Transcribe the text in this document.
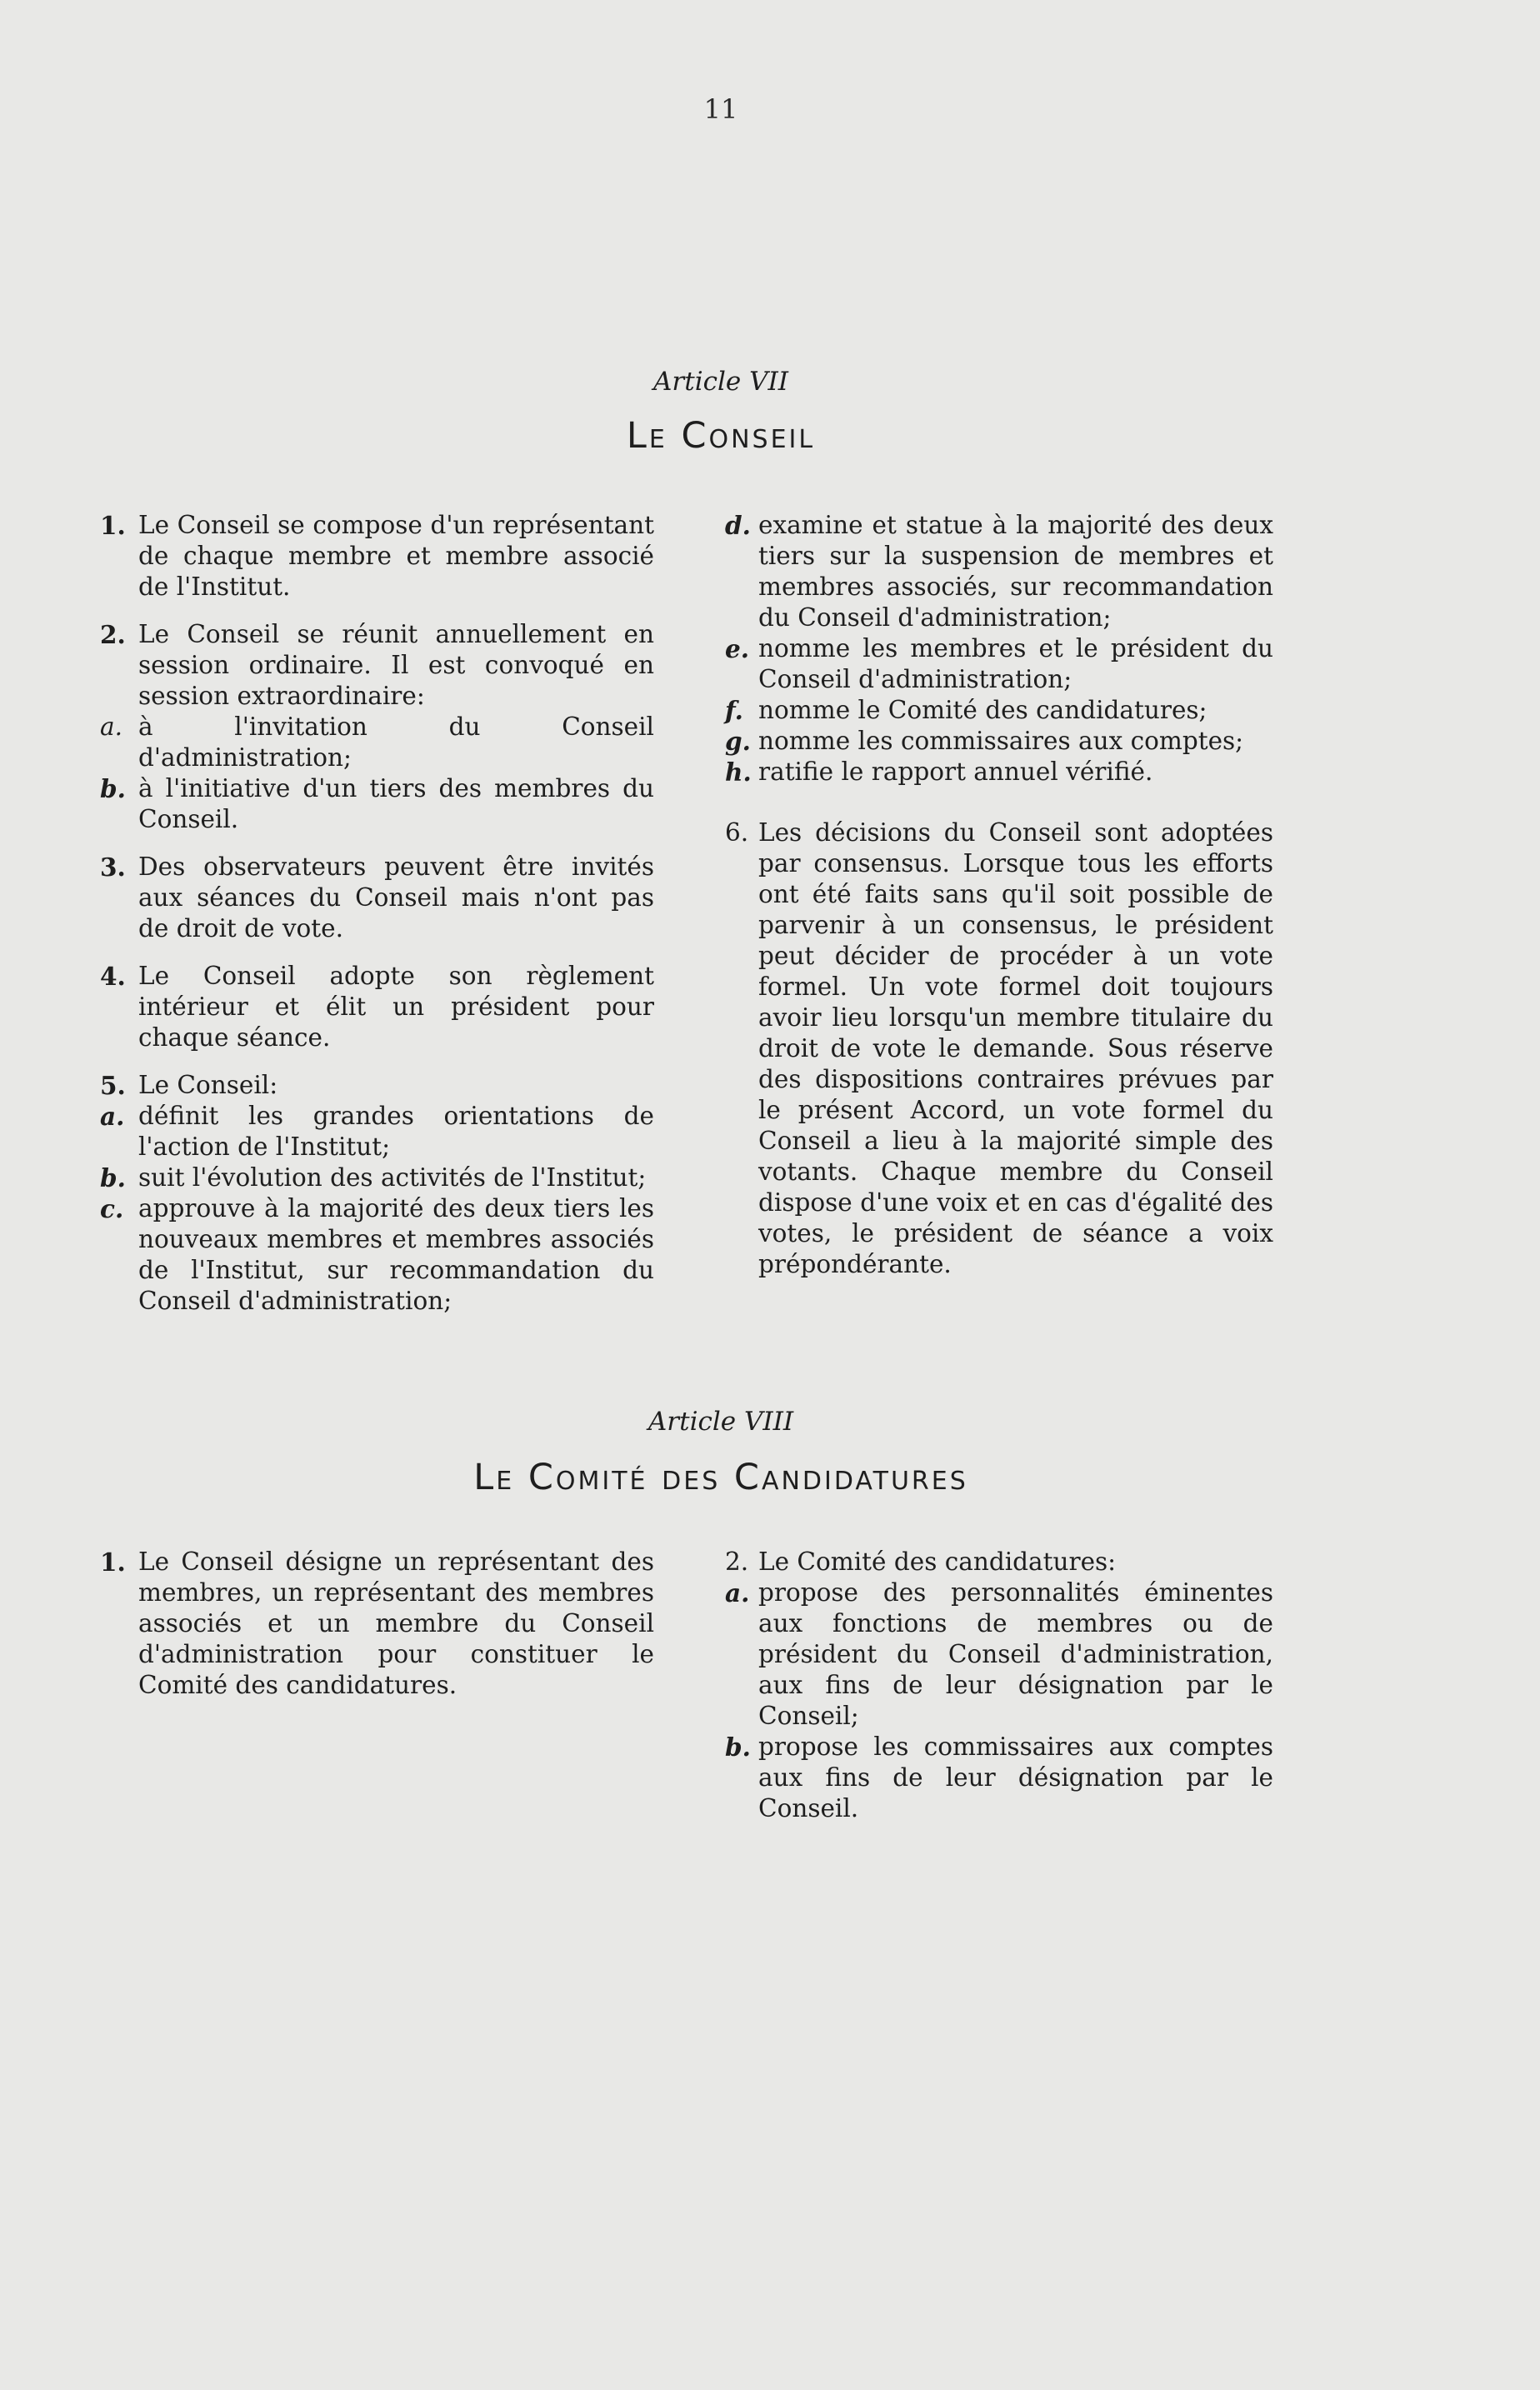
11
Article VII
Le Conseil
1. Le Conseil se compose d'un représentant de chaque membre et membre associé de l'Institut.
2. Le Conseil se réunit annuellement en session ordinaire. Il est convoqué en session extraordinaire:
a. à l'invitation du Conseil d'administration;
b. à l'initiative d'un tiers des membres du Conseil.
3. Des observateurs peuvent être invités aux séances du Conseil mais n'ont pas de droit de vote.
4. Le Conseil adopte son règlement intérieur et élit un président pour chaque séance.
5. Le Conseil:
a. définit les grandes orientations de l'action de l'Institut;
b. suit l'évolution des activités de l'Institut;
c. approuve à la majorité des deux tiers les nouveaux membres et membres associés de l'Institut, sur recommandation du Conseil d'administration;
d. examine et statue à la majorité des deux tiers sur la suspension de membres et membres associés, sur recommandation du Conseil d'administration;
e. nomme les membres et le président du Conseil d'administration;
f. nomme le Comité des candidatures;
g. nomme les commissaires aux comptes;
h. ratifie le rapport annuel vérifié.
6. Les décisions du Conseil sont adoptées par consensus. Lorsque tous les efforts ont été faits sans qu'il soit possible de parvenir à un consensus, le président peut décider de procéder à un vote formel. Un vote formel doit toujours avoir lieu lorsqu'un membre titulaire du droit de vote le demande. Sous réserve des dispositions contraires prévues par le présent Accord, un vote formel du Conseil a lieu à la majorité simple des votants. Chaque membre du Conseil dispose d'une voix et en cas d'égalité des votes, le président de séance a voix prépondérante.
Article VIII
Le Comité des Candidatures
1. Le Conseil désigne un représentant des membres, un représentant des membres associés et un membre du Conseil d'administration pour constituer le Comité des candidatures.
2. Le Comité des candidatures:
a. propose des personnalités éminentes aux fonctions de membres ou de président du Conseil d'administration, aux fins de leur désignation par le Conseil;
b. propose les commissaires aux comptes aux fins de leur désignation par le Conseil.
